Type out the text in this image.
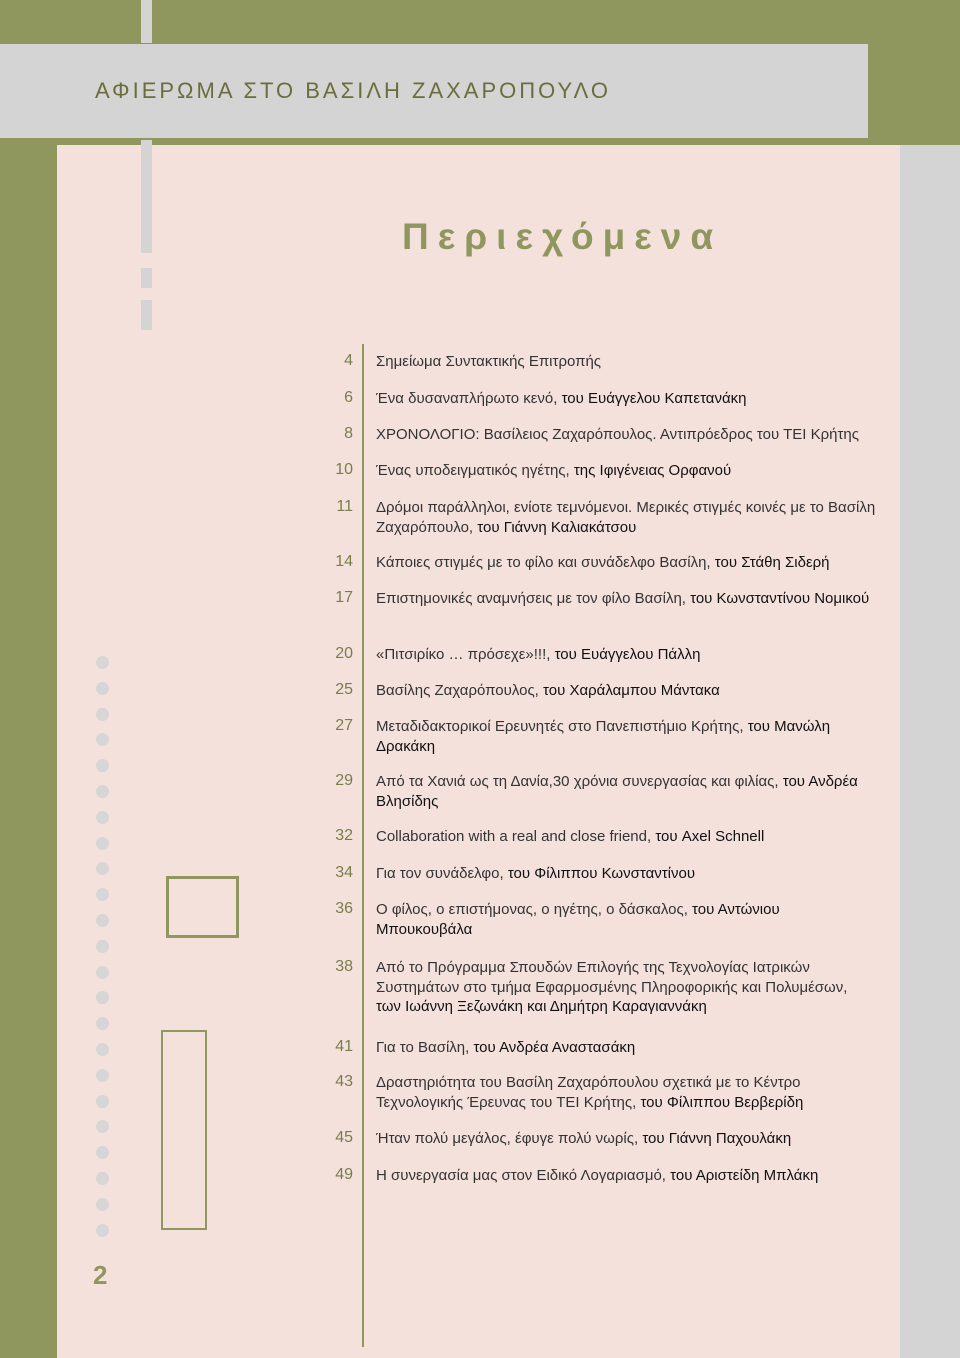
ΑΦΙΕΡΩΜΑ ΣΤΟ ΒΑΣΙΛΗ ΖΑΧΑΡΟΠΟΥΛΟ
Περιεχόμενα
4 Σημείωμα Συντακτικής Επιτροπής
6 Ένα δυσαναπλήρωτο κενό, του Ευάγγελου Καπετανάκη
8 ΧΡΟΝΟΛΟΓΙΟ: Βασίλειος Ζαχαρόπουλος. Αντιπρόεδρος του ΤΕΙ Κρήτης
10 Ένας υποδειγματικός ηγέτης, της Ιφιγένειας Ορφανού
11 Δρόμοι παράλληλοι, ενίοτε τεμνόμενοι. Μερικές στιγμές κοινές με το Βασίλη Ζαχαρόπουλο, του Γιάννη Καλιακάτσου
14 Κάποιες στιγμές με το φίλο και συνάδελφο Βασίλη, του Στάθη Σιδερή
17 Επιστημονικές αναμνήσεις με τον φίλο Βασίλη, του Κωνσταντίνου Νομικού
20 «Πιτσιρίκο … πρόσεχε»!!!, του Ευάγγελου Πάλλη
25 Βασίλης Ζαχαρόπουλος, του Χαράλαμπου Μάντακα
27 Μεταδιδακτορικοί Ερευνητές στο Πανεπιστήμιο Κρήτης, του Μανώλη Δρακάκη
29 Από τα Χανιά ως τη Δανία,30 χρόνια συνεργασίας και φιλίας, του Ανδρέα Βλησίδης
32 Collaboration with a real and close friend, του Axel Schnell
34 Για τον συνάδελφο, του Φίλιππου Κωνσταντίνου
36 Ο φίλος, ο επιστήμονας, ο ηγέτης, ο δάσκαλος, του Αντώνιου Μπουκουβάλα
38 Από το Πρόγραμμα Σπουδών Επιλογής της Τεχνολογίας Ιατρικών Συστημάτων στο τμήμα Εφαρμοσμένης Πληροφορικής και Πολυμέσων, των Ιωάννη Ξεζωνάκη και Δημήτρη Καραγιαννάκη
41 Για το Βασίλη, του Ανδρέα Αναστασάκη
43 Δραστηριότητα του Βασίλη Ζαχαρόπουλου σχετικά με το Κέντρο Τεχνολογικής Έρευνας του ΤΕΙ Κρήτης, του Φίλιππου Βερβερίδη
45 Ήταν πολύ μεγάλος, έφυγε πολύ νωρίς, του Γιάννη Παχουλάκη
49 Η συνεργασία μας στον Ειδικό Λογαριασμό, του Αριστείδη Μπλάκη
2
